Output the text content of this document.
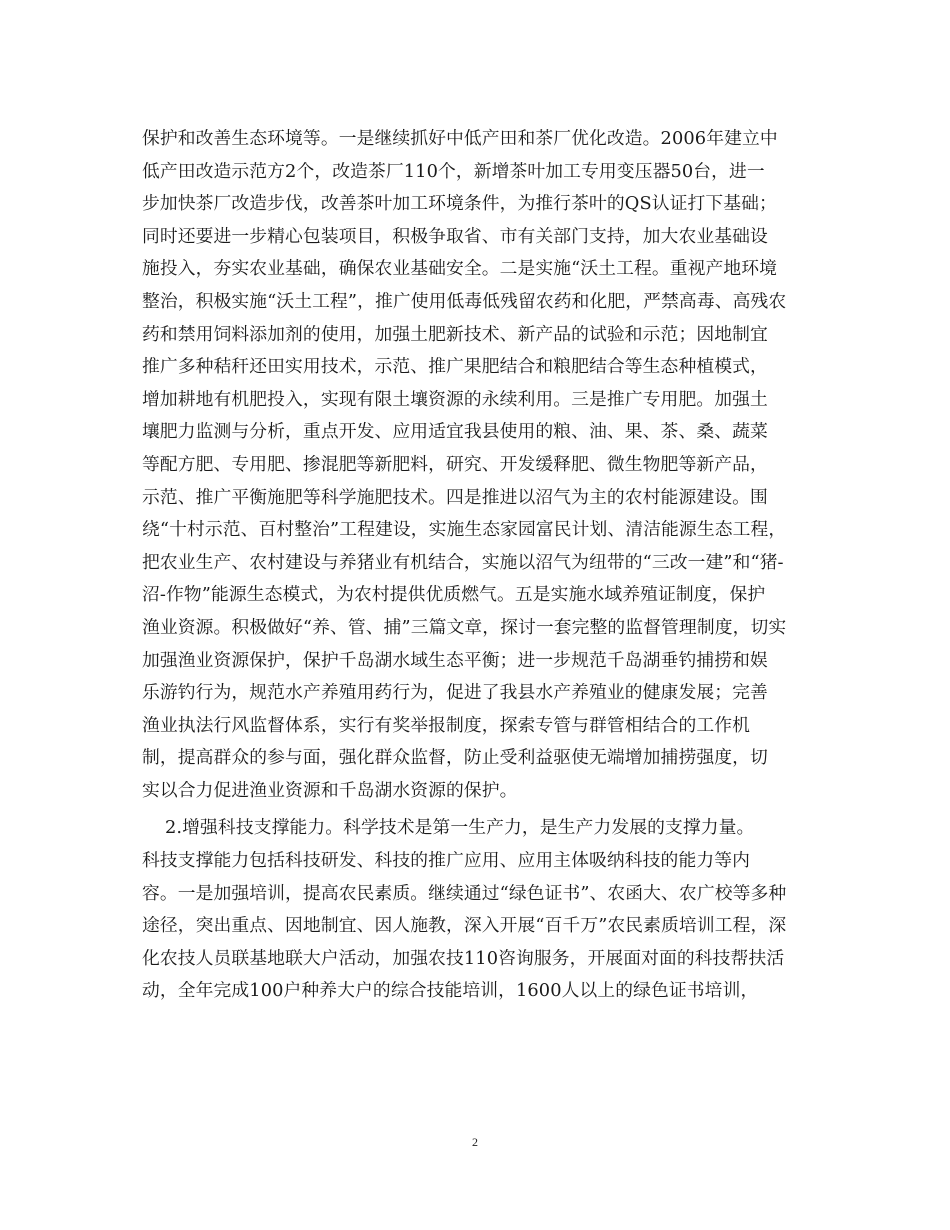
保护和改善生态环境等。一是继续抓好中低产田和茶厂优化改造。2006年建立中
低产田改造示范方2个，改造茶厂110个，新增茶叶加工专用变压器50台，进一
步加快茶厂改造步伐，改善茶叶加工环境条件，为推行茶叶的QS认证打下基础；
同时还要进一步精心包装项目，积极争取省、市有关部门支持，加大农业基础设
施投入，夯实农业基础，确保农业基础安全。二是实施“沃土工程。重视产地环境
整治，积极实施“沃土工程”，推广使用低毒低残留农药和化肥，严禁高毒、高残农
药和禁用饲料添加剂的使用，加强土肥新技术、新产品的试验和示范；因地制宜
推广多种秸秆还田实用技术，示范、推广果肥结合和粮肥结合等生态种植模式，
增加耕地有机肥投入，实现有限土壤资源的永续利用。三是推广专用肥。加强土
壤肥力监测与分析，重点开发、应用适宜我县使用的粮、油、果、茶、桑、蔬菜
等配方肥、专用肥、掺混肥等新肥料，研究、开发缓释肥、微生物肥等新产品，
示范、推广平衡施肥等科学施肥技术。四是推进以沼气为主的农村能源建设。围
绕“十村示范、百村整治”工程建设，实施生态家园富民计划、清洁能源生态工程，
把农业生产、农村建设与养猪业有机结合，实施以沼气为纽带的“三改一建”和“猪-
沼-作物”能源生态模式，为农村提供优质燃气。五是实施水域养殖证制度，保护
渔业资源。积极做好“养、管、捕”三篇文章，探讨一套完整的监督管理制度，切实
加强渔业资源保护，保护千岛湖水域生态平衡；进一步规范千岛湖垂钓捕捞和娱
乐游钓行为，规范水产养殖用药行为，促进了我县水产养殖业的健康发展；完善
渔业执法行风监督体系，实行有奖举报制度，探索专管与群管相结合的工作机
制，提高群众的参与面，强化群众监督，防止受利益驱使无端增加捕捞强度，切
实以合力促进渔业资源和千岛湖水资源的保护。
2.增强科技支撑能力。科学技术是第一生产力，是生产力发展的支撑力量。
科技支撑能力包括科技研发、科技的推广应用、应用主体吸纳科技的能力等内
容。一是加强培训，提高农民素质。继续通过“绿色证书”、农函大、农广校等多种
途径，突出重点、因地制宜、因人施教，深入开展“百千万”农民素质培训工程，深
化农技人员联基地联大户活动，加强农技110咨询服务，开展面对面的科技帮扶活
动，全年完成100户种养大户的综合技能培训，1600人以上的绿色证书培训，
2
